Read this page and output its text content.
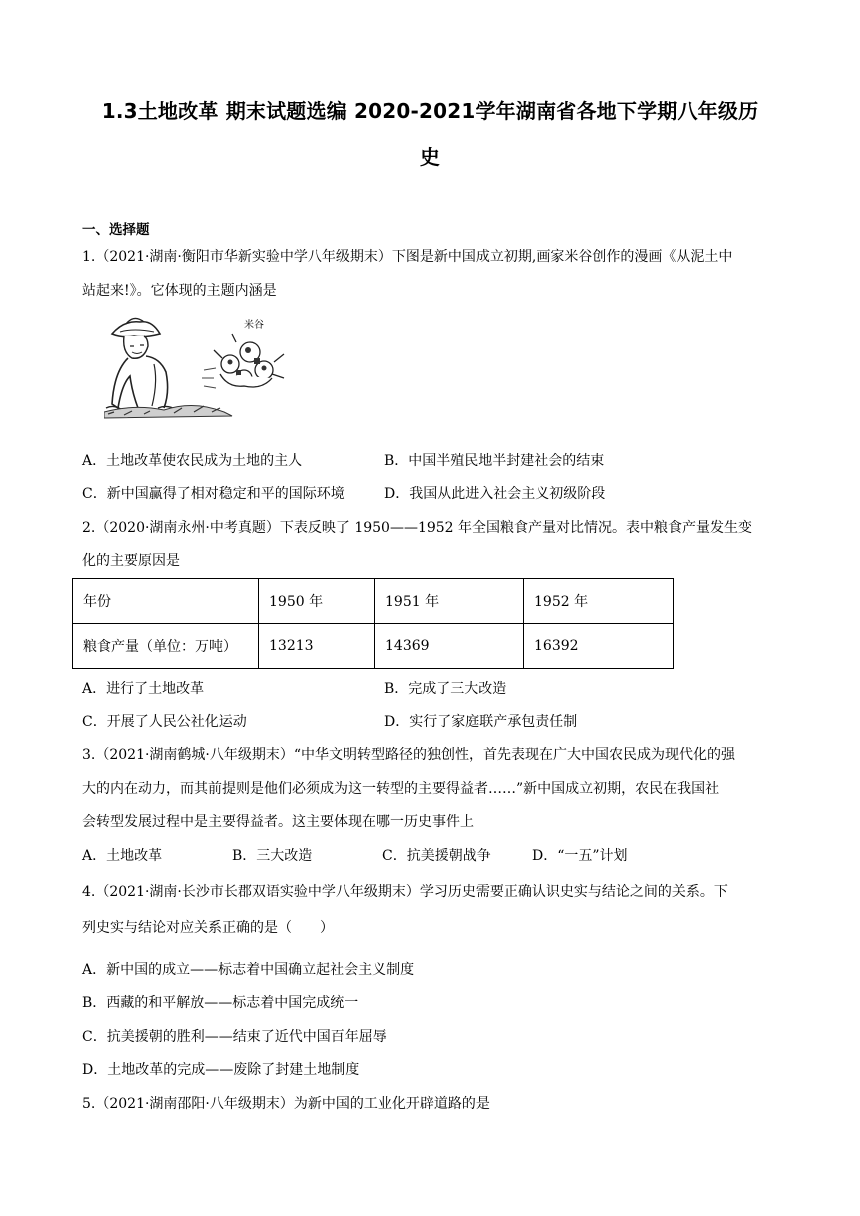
1.3土地改革 期末试题选编 2020-2021学年湖南省各地下学期八年级历
史
一、选择题
1.（2021·湖南·衡阳市华新实验中学八年级期末）下图是新中国成立初期,画家米谷创作的漫画《从泥土中
站起来!》。它体现的主题内涵是
米谷
A．土地改革使农民成为土地的主人	B．中国半殖民地半封建社会的结束
C．新中国赢得了相对稳定和平的国际环境	D．我国从此进入社会主义初级阶段
2.（2020·湖南永州·中考真题）下表反映了 1950——1952 年全国粮食产量对比情况。表中粮食产量发生变
化的主要原因是
年份	1950 年	1951 年	1952 年
粮食产量（单位：万吨）	13213	14369	16392
A．进行了土地改革	B．完成了三大改造
C．开展了人民公社化运动	D．实行了家庭联产承包责任制
3.（2021·湖南鹤城·八年级期末）“中华文明转型路径的独创性，首先表现在广大中国农民成为现代化的强
大的内在动力，而其前提则是他们必须成为这一转型的主要得益者……”新中国成立初期，农民在我国社
会转型发展过程中是主要得益者。这主要体现在哪一历史事件上
A．土地改革	B．三大改造	C．抗美援朝战争	D．“一五”计划
4.（2021·湖南·长沙市长郡双语实验中学八年级期末）学习历史需要正确认识史实与结论之间的关系。下
列史实与结论对应关系正确的是（　　）
A．新中国的成立——标志着中国确立起社会主义制度
B．西藏的和平解放——标志着中国完成统一
C．抗美援朝的胜利——结束了近代中国百年屈辱
D．土地改革的完成——废除了封建土地制度
5.（2021·湖南邵阳·八年级期末）为新中国的工业化开辟道路的是
